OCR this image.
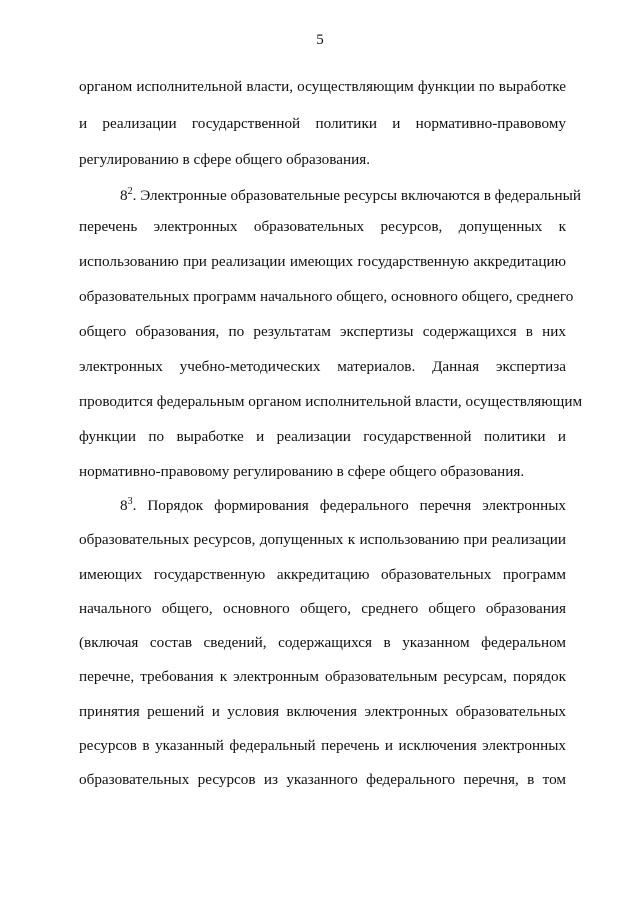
5
органом исполнительной власти, осуществляющим функции по выработке
и реализации государственной политики и нормативно-правовому
регулированию в сфере общего образования.
$8^2$. Электронные образовательные ресурсы включаются в федеральный
перечень электронных образовательных ресурсов, допущенных к
использованию при реализации имеющих государственную аккредитацию
образовательных программ начального общего, основного общего, среднего
общего образования, по результатам экспертизы содержащихся в них
электронных учебно-методических материалов. Данная экспертиза
проводится федеральным органом исполнительной власти, осуществляющим
функции по выработке и реализации государственной политики и
нормативно-правовому регулированию в сфере общего образования.
$8^3$. Порядок формирования федерального перечня электронных
образовательных ресурсов, допущенных к использованию при реализации
имеющих государственную аккредитацию образовательных программ
начального общего, основного общего, среднего общего образования
(включая состав сведений, содержащихся в указанном федеральном
перечне, требования к электронным образовательным ресурсам, порядок
принятия решений и условия включения электронных образовательных
ресурсов в указанный федеральный перечень и исключения электронных
образовательных ресурсов из указанного федерального перечня, в том
